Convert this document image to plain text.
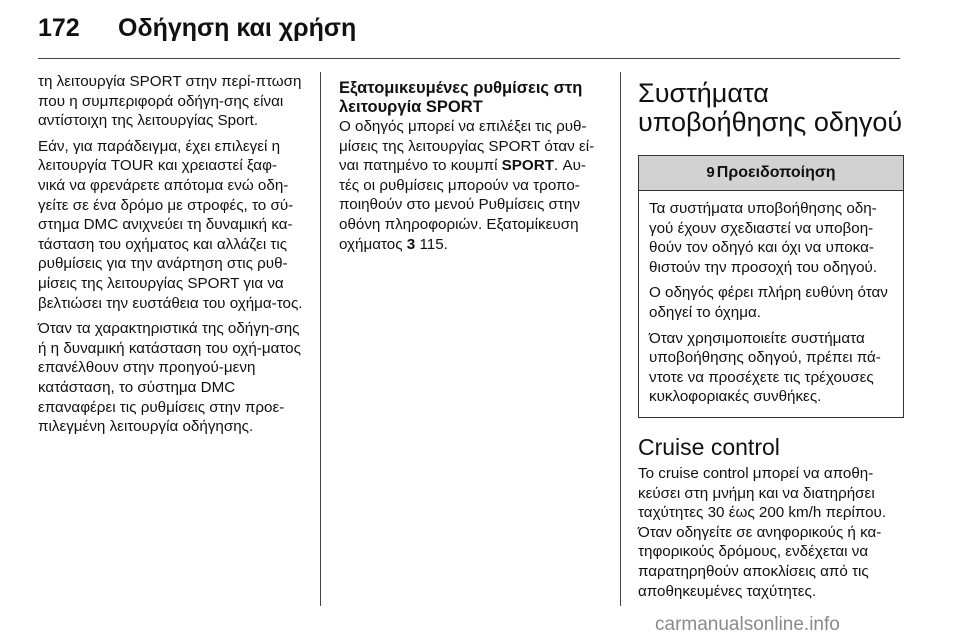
172 Οδήγηση και χρήση

τη λειτουργία SPORT στην περί-πτωση που η συμπεριφορά οδήγη-σης είναι αντίστοιχη της λειτουργίας Sport.

Εάν, για παράδειγμα, έχει επιλεγεί η λειτουργία TOUR και χρειαστεί ξαφ-νικά να φρενάρετε απότομα ενώ οδη-γείτε σε ένα δρόμο με στροφές, το σύ-στημα DMC ανιχνεύει τη δυναμική κα-τάσταση του οχήματος και αλλάζει τις ρυθμίσεις για την ανάρτηση στις ρυθ-μίσεις της λειτουργίας SPORT για να βελτιώσει την ευστάθεια του οχήμα-τος.

Όταν τα χαρακτηριστικά της οδήγη-σης ή η δυναμική κατάσταση του οχή-ματος επανέλθουν στην προηγού-μενη κατάσταση, το σύστημα DMC επαναφέρει τις ρυθμίσεις στην προε-πιλεγμένη λειτουργία οδήγησης.

Εξατομικευμένες ρυθμίσεις στη λειτουργία SPORT

Ο οδηγός μπορεί να επιλέξει τις ρυθ-μίσεις της λειτουργίας SPORT όταν εί-ναι πατημένο το κουμπί SPORT. Αυ-τές οι ρυθμίσεις μπορούν να τροπο-ποιηθούν στο μενού Ρυθμίσεις στην οθόνη πληροφοριών. Εξατομίκευση οχήματος 3 115.

Συστήματα υποβοήθησης οδηγού
9 Προειδοποίηση

Τα συστήματα υποβοήθησης οδη-γού έχουν σχεδιαστεί να υποβοη-θούν τον οδηγό και όχι να υποκα-θιστούν την προσοχή του οδηγού.

Ο οδηγός φέρει πλήρη ευθύνη όταν οδηγεί το όχημα.

Όταν χρησιμοποιείτε συστήματα υποβοήθησης οδηγού, πρέπει πά-ντοτε να προσέχετε τις τρέχουσες κυκλοφοριακές συνθήκες.

Cruise control

Το cruise control μπορεί να αποθη-κεύσει στη μνήμη και να διατηρήσει ταχύτητες 30 έως 200 km/h περίπου. Όταν οδηγείτε σε ανηφορικούς ή κα-τηφορικούς δρόμους, ενδέχεται να παρατηρηθούν αποκλίσεις από τις αποθηκευμένες ταχύτητες.

carmanualsonline.info
